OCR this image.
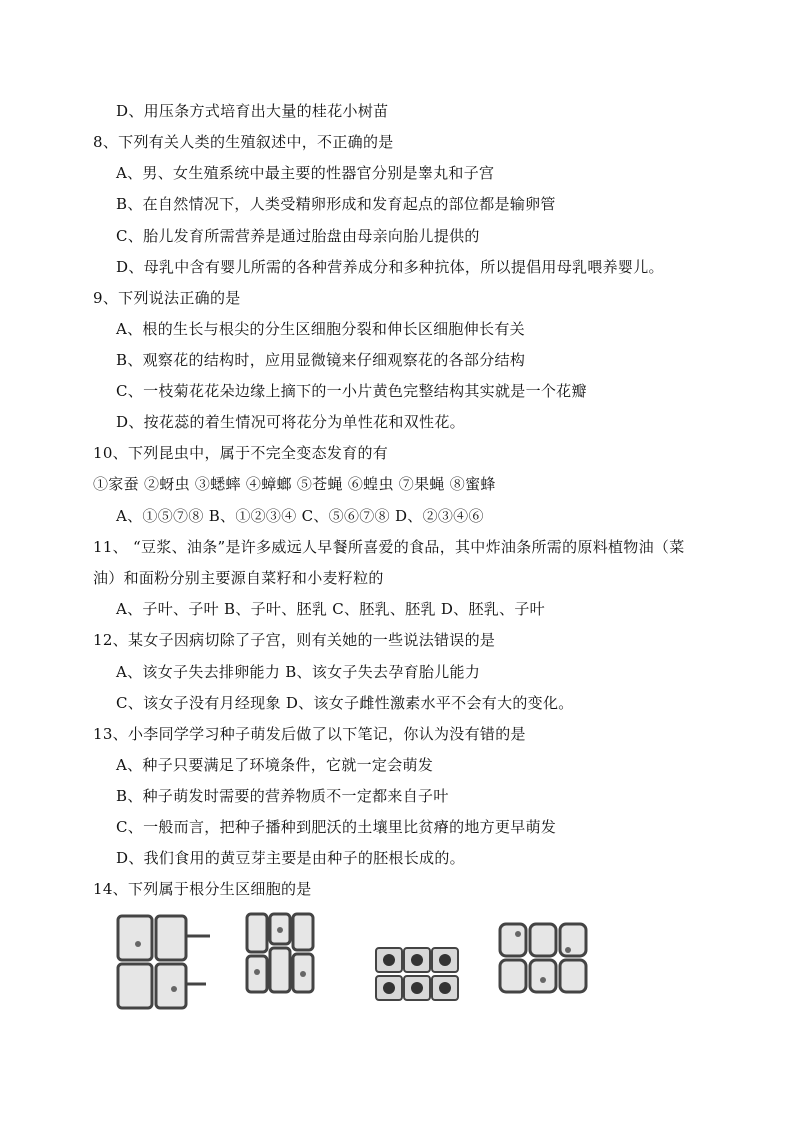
D、用压条方式培育出大量的桂花小树苗
8、下列有关人类的生殖叙述中，不正确的是
A、男、女生殖系统中最主要的性器官分别是睾丸和子宫
B、在自然情况下，人类受精卵形成和发育起点的部位都是输卵管
C、胎儿发育所需营养是通过胎盘由母亲向胎儿提供的
D、母乳中含有婴儿所需的各种营养成分和多种抗体，所以提倡用母乳喂养婴儿。
9、下列说法正确的是
A、根的生长与根尖的分生区细胞分裂和伸长区细胞伸长有关
B、观察花的结构时，应用显微镜来仔细观察花的各部分结构
C、一枝菊花花朵边缘上摘下的一小片黄色完整结构其实就是一个花瓣
D、按花蕊的着生情况可将花分为单性花和双性花。
10、下列昆虫中，属于不完全变态发育的有
①家蚕 ②蚜虫 ③蟋蟀 ④蟑螂 ⑤苍蝇 ⑥蝗虫 ⑦果蝇 ⑧蜜蜂
A、①⑤⑦⑧ B、①②③④ C、⑤⑥⑦⑧ D、②③④⑥
11、 “豆浆、油条”是许多威远人早餐所喜爱的食品，其中炸油条所需的原料植物油（菜
油）和面粉分别主要源自菜籽和小麦籽粒的
A、子叶、子叶 B、子叶、胚乳 C、胚乳、胚乳 D、胚乳、子叶
12、某女子因病切除了子宫，则有关她的一些说法错误的是
A、该女子失去排卵能力 B、该女子失去孕育胎儿能力
C、该女子没有月经现象 D、该女子雌性激素水平不会有大的变化。
13、小李同学学习种子萌发后做了以下笔记，你认为没有错的是
A、种子只要满足了环境条件，它就一定会萌发
B、种子萌发时需要的营养物质不一定都来自子叶
C、一般而言，把种子播种到肥沃的土壤里比贫瘠的地方更早萌发
D、我们食用的黄豆芽主要是由种子的胚根长成的。
14、下列属于根分生区细胞的是
